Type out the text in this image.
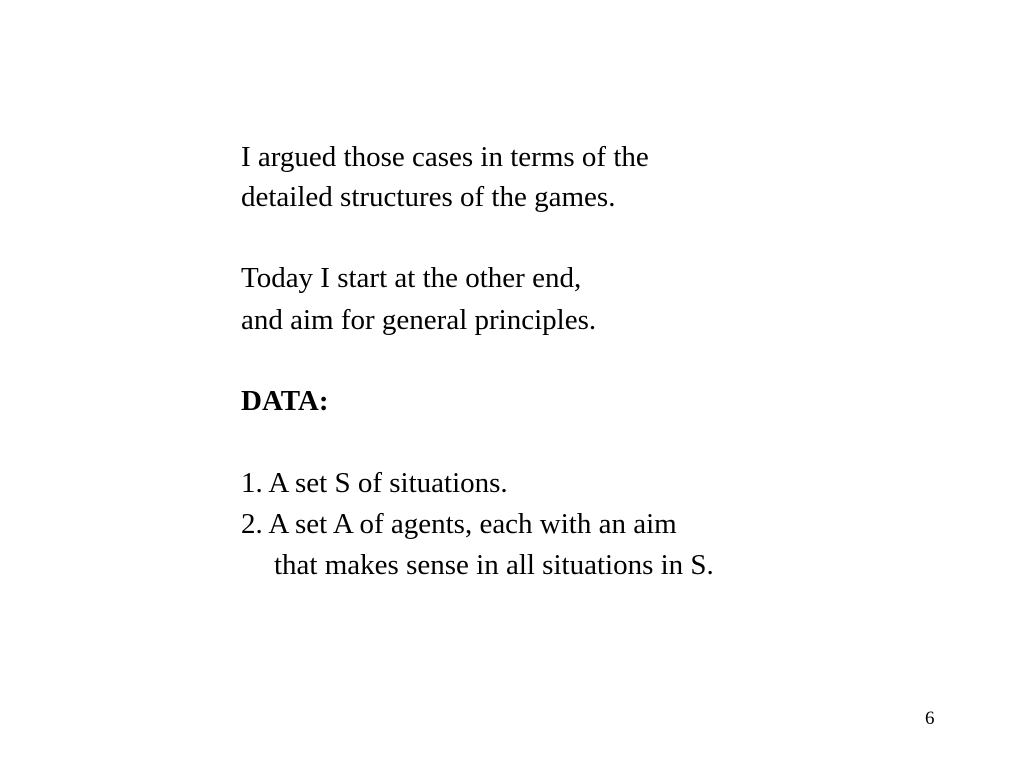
I argued those cases in terms of the
detailed structures of the games.
Today I start at the other end,
and aim for general principles.
DATA:
1. A set S of situations.
2. A set A of agents, each with an aim
that makes sense in all situations in S.
6
